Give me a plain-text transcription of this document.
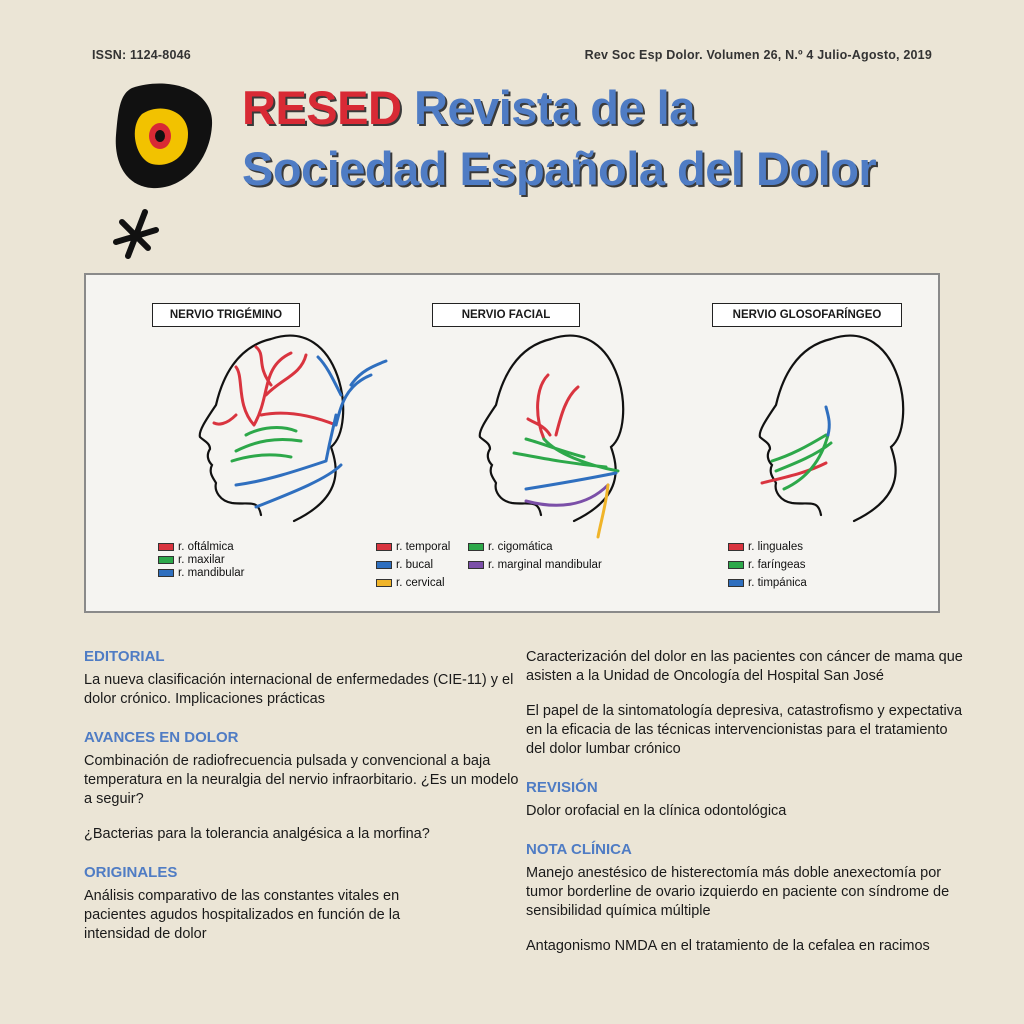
ISSN: 1124-8046	Rev Soc Esp Dolor. Volumen 26, N.º 4 Julio-Agosto, 2019
RESED Revista de la
Sociedad Española del Dolor
NERVIO TRIGÉMINO	NERVIO FACIAL	NERVIO GLOSOFARÍNGEO
r. oftálmica
r. maxilar
r. mandibular
r. temporal	r. cigomática
r. bucal	r. marginal mandibular
r. cervical
r. linguales
r. faríngeas
r. timpánica
EDITORIAL

La nueva clasificación internacional de enfermedades (CIE-11) y el dolor crónico. Implicaciones prácticas

AVANCES EN DOLOR

Combinación de radiofrecuencia pulsada y convencional a baja temperatura en la neuralgia del nervio infraorbitario. ¿Es un modelo a seguir?

¿Bacterias para la tolerancia analgésica a la morfina?

ORIGINALES

Análisis comparativo de las constantes vitales en pacientes agudos hospitalizados en función de la intensidad de dolor

Caracterización del dolor en las pacientes con cáncer de mama que asisten a la Unidad de Oncología del Hospital San José

El papel de la sintomatología depresiva, catastrofismo y expectativa en la eficacia de las técnicas intervencionistas para el tratamiento del dolor lumbar crónico

REVISIÓN

Dolor orofacial en la clínica odontológica

NOTA CLÍNICA

Manejo anestésico de histerectomía más doble anexectomía por tumor borderline de ovario izquierdo en paciente con síndrome de sensibilidad química múltiple

Antagonismo NMDA en el tratamiento de la cefalea en racimos
